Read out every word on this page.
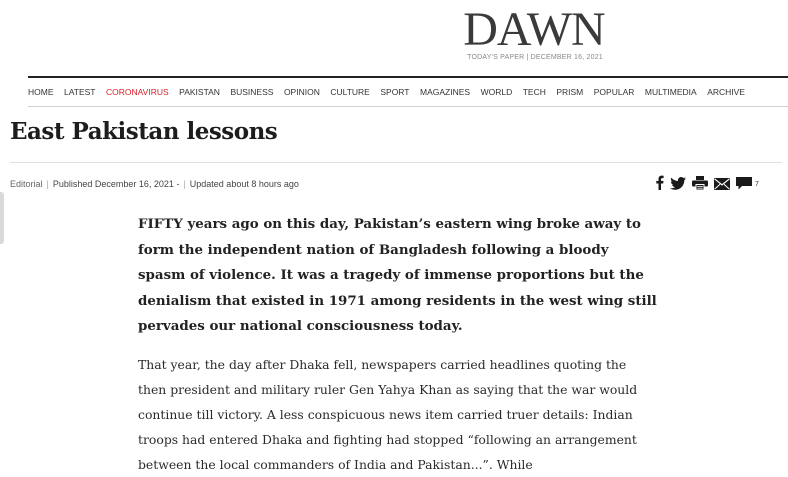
DAWN
TODAY'S PAPER | DECEMBER 16, 2021
HOME LATEST CORONAVIRUS PAKISTAN BUSINESS OPINION CULTURE SPORT MAGAZINES WORLD TECH PRISM POPULAR MULTIMEDIA ARCHIVE
East Pakistan lessons
Editorial | Published December 16, 2021 - | Updated about 8 hours ago	7

FIFTY years ago on this day, Pakistan’s eastern wing broke away to form the independent nation of Bangladesh following a bloody spasm of violence. It was a tragedy of immense proportions but the denialism that existed in 1971 among residents in the west wing still pervades our national consciousness today.

That year, the day after Dhaka fell, newspapers carried headlines quoting the then president and military ruler Gen Yahya Khan as saying that the war would continue till victory. A less conspicuous news item carried truer details: Indian troops had entered Dhaka and fighting had stopped “following an arrangement between the local commanders of India and Pakistan...”. While
